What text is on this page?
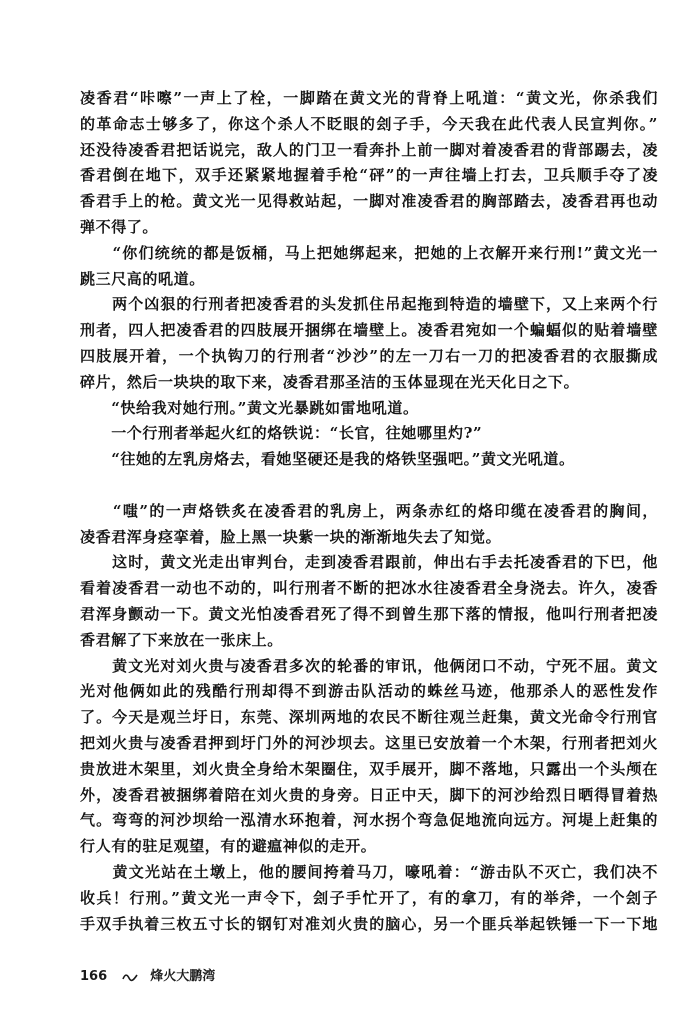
凌香君“咔嚓”一声上了栓，一脚踏在黄文光的背脊上吼道：“黄文光，你杀我们
的革命志士够多了，你这个杀人不眨眼的刽子手，今天我在此代表人民宣判你。”
还没待凌香君把话说完，敌人的门卫一看奔扑上前一脚对着凌香君的背部踢去，凌
香君倒在地下，双手还紧紧地握着手枪“砰”的一声往墙上打去，卫兵顺手夺了凌
香君手上的枪。黄文光一见得救站起，一脚对准凌香君的胸部踏去，凌香君再也动
弹不得了。
　　“你们统统的都是饭桶，马上把她绑起来，把她的上衣解开来行刑!”黄文光一
跳三尺高的吼道。
　　两个凶狠的行刑者把凌香君的头发抓住吊起拖到特造的墙壁下，又上来两个行
刑者，四人把凌香君的四肢展开捆绑在墙壁上。凌香君宛如一个蝙蝠似的贴着墙壁
四肢展开着，一个执钩刀的行刑者“沙沙”的左一刀右一刀的把凌香君的衣服撕成
碎片，然后一块块的取下来，凌香君那圣洁的玉体显现在光天化日之下。
　　“快给我对她行刑。”黄文光暴跳如雷地吼道。
　　一个行刑者举起火红的烙铁说：“长官，往她哪里灼?”
　　“往她的左乳房烙去，看她坚硬还是我的烙铁坚强吧。”黄文光吼道。
　　“嗤”的一声烙铁炙在凌香君的乳房上，两条赤红的烙印缆在凌香君的胸间，
凌香君浑身痉挛着，脸上黑一块紫一块的渐渐地失去了知觉。
　　这时，黄文光走出审判台，走到凌香君跟前，伸出右手去托凌香君的下巴，他
看着凌香君一动也不动的，叫行刑者不断的把冰水往凌香君全身浇去。许久，凌香
君浑身颤动一下。黄文光怕凌香君死了得不到曾生那下落的情报，他叫行刑者把凌
香君解了下来放在一张床上。
　　黄文光对刘火贵与凌香君多次的轮番的审讯，他俩闭口不动，宁死不屈。黄文
光对他俩如此的残酷行刑却得不到游击队活动的蛛丝马迹，他那杀人的恶性发作
了。今天是观兰圩日，东莞、深圳两地的农民不断往观兰赶集，黄文光命令行刑官
把刘火贵与凌香君押到圩门外的河沙坝去。这里已安放着一个木架，行刑者把刘火
贵放进木架里，刘火贵全身给木架圈住，双手展开，脚不落地，只露出一个头颅在
外，凌香君被捆绑着陪在刘火贵的身旁。日正中天，脚下的河沙给烈日晒得冒着热
气。弯弯的河沙坝给一泓清水环抱着，河水拐个弯急促地流向远方。河堤上赶集的
行人有的驻足观望，有的避瘟神似的走开。
　　黄文光站在土墩上，他的腰间挎着马刀，嚎吼着：“游击队不灭亡，我们决不
收兵！行刑。”黄文光一声令下，刽子手忙开了，有的拿刀，有的举斧，一个刽子
手双手执着三枚五寸长的钢钉对准刘火贵的脑心，另一个匪兵举起铁锤一下一下地
166	烽火大鹏湾
